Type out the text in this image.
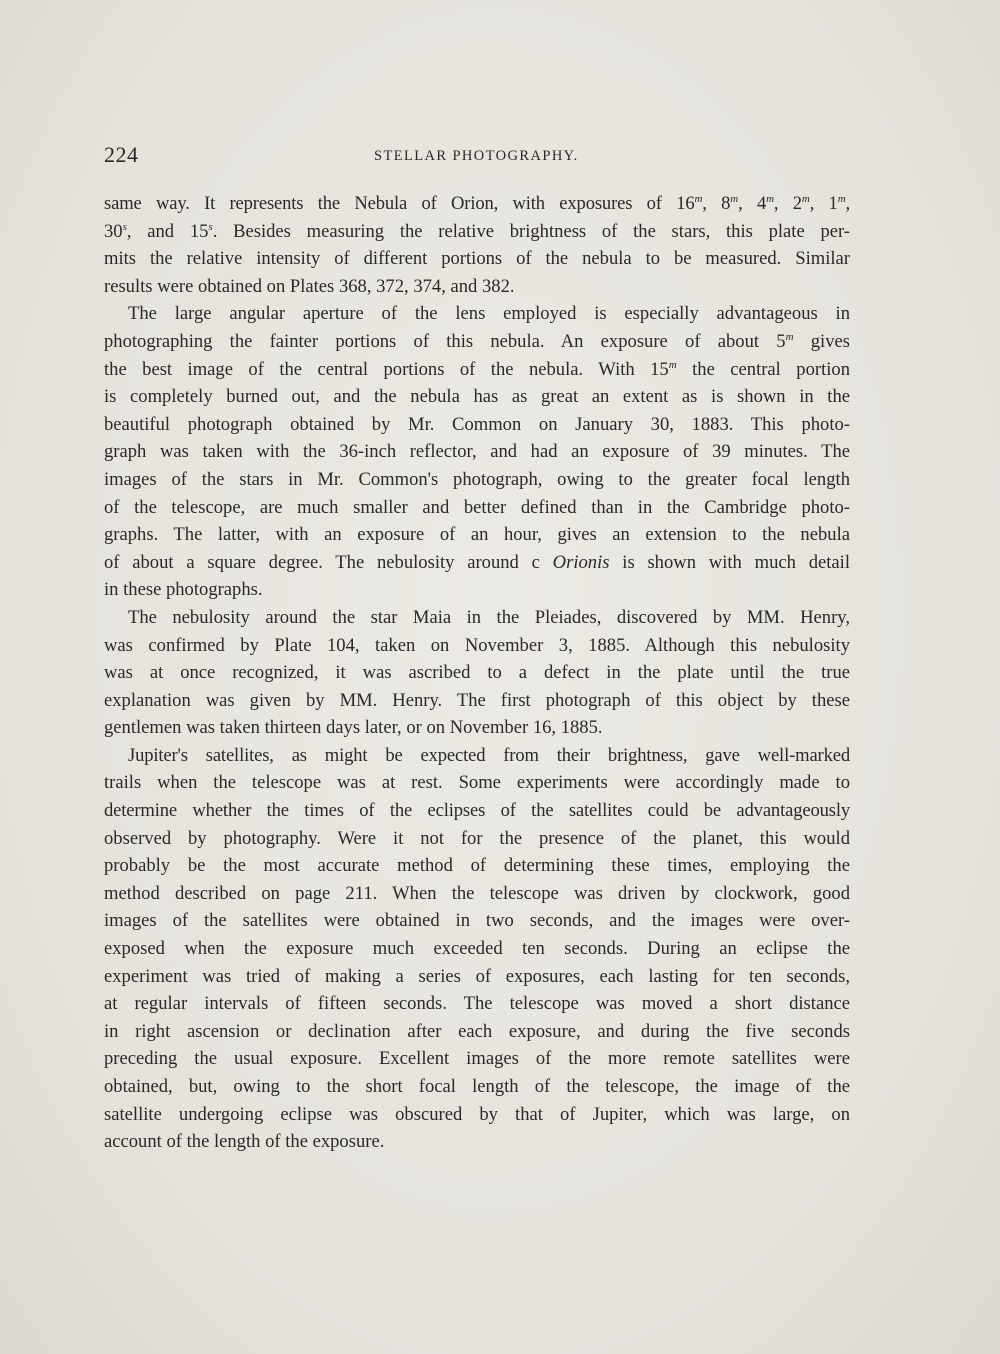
224	STELLAR PHOTOGRAPHY.
same way. It represents the Nebula of Orion, with exposures of 16$^m$, 8$^m$, 4$^m$, 2$^m$, 1$^m$,
30$^s$, and 15$^s$. Besides measuring the relative brightness of the stars, this plate per-
mits the relative intensity of different portions of the nebula to be measured. Similar
results were obtained on Plates 368, 372, 374, and 382.
The large angular aperture of the lens employed is especially advantageous in
photographing the fainter portions of this nebula. An exposure of about 5$^m$ gives
the best image of the central portions of the nebula. With 15$^m$ the central portion
is completely burned out, and the nebula has as great an extent as is shown in the
beautiful photograph obtained by Mr. Common on January 30, 1883. This photo-
graph was taken with the 36-inch reflector, and had an exposure of 39 minutes. The
images of the stars in Mr. Common's photograph, owing to the greater focal length
of the telescope, are much smaller and better defined than in the Cambridge photo-
graphs. The latter, with an exposure of an hour, gives an extension to the nebula
of about a square degree. The nebulosity around c Orionis is shown with much detail
in these photographs.
The nebulosity around the star Maia in the Pleiades, discovered by MM. Henry,
was confirmed by Plate 104, taken on November 3, 1885. Although this nebulosity
was at once recognized, it was ascribed to a defect in the plate until the true
explanation was given by MM. Henry. The first photograph of this object by these
gentlemen was taken thirteen days later, or on November 16, 1885.
Jupiter's satellites, as might be expected from their brightness, gave well-marked
trails when the telescope was at rest. Some experiments were accordingly made to
determine whether the times of the eclipses of the satellites could be advantageously
observed by photography. Were it not for the presence of the planet, this would
probably be the most accurate method of determining these times, employing the
method described on page 211. When the telescope was driven by clockwork, good
images of the satellites were obtained in two seconds, and the images were over-
exposed when the exposure much exceeded ten seconds. During an eclipse the
experiment was tried of making a series of exposures, each lasting for ten seconds,
at regular intervals of fifteen seconds. The telescope was moved a short distance
in right ascension or declination after each exposure, and during the five seconds
preceding the usual exposure. Excellent images of the more remote satellites were
obtained, but, owing to the short focal length of the telescope, the image of the
satellite undergoing eclipse was obscured by that of Jupiter, which was large, on
account of the length of the exposure.
